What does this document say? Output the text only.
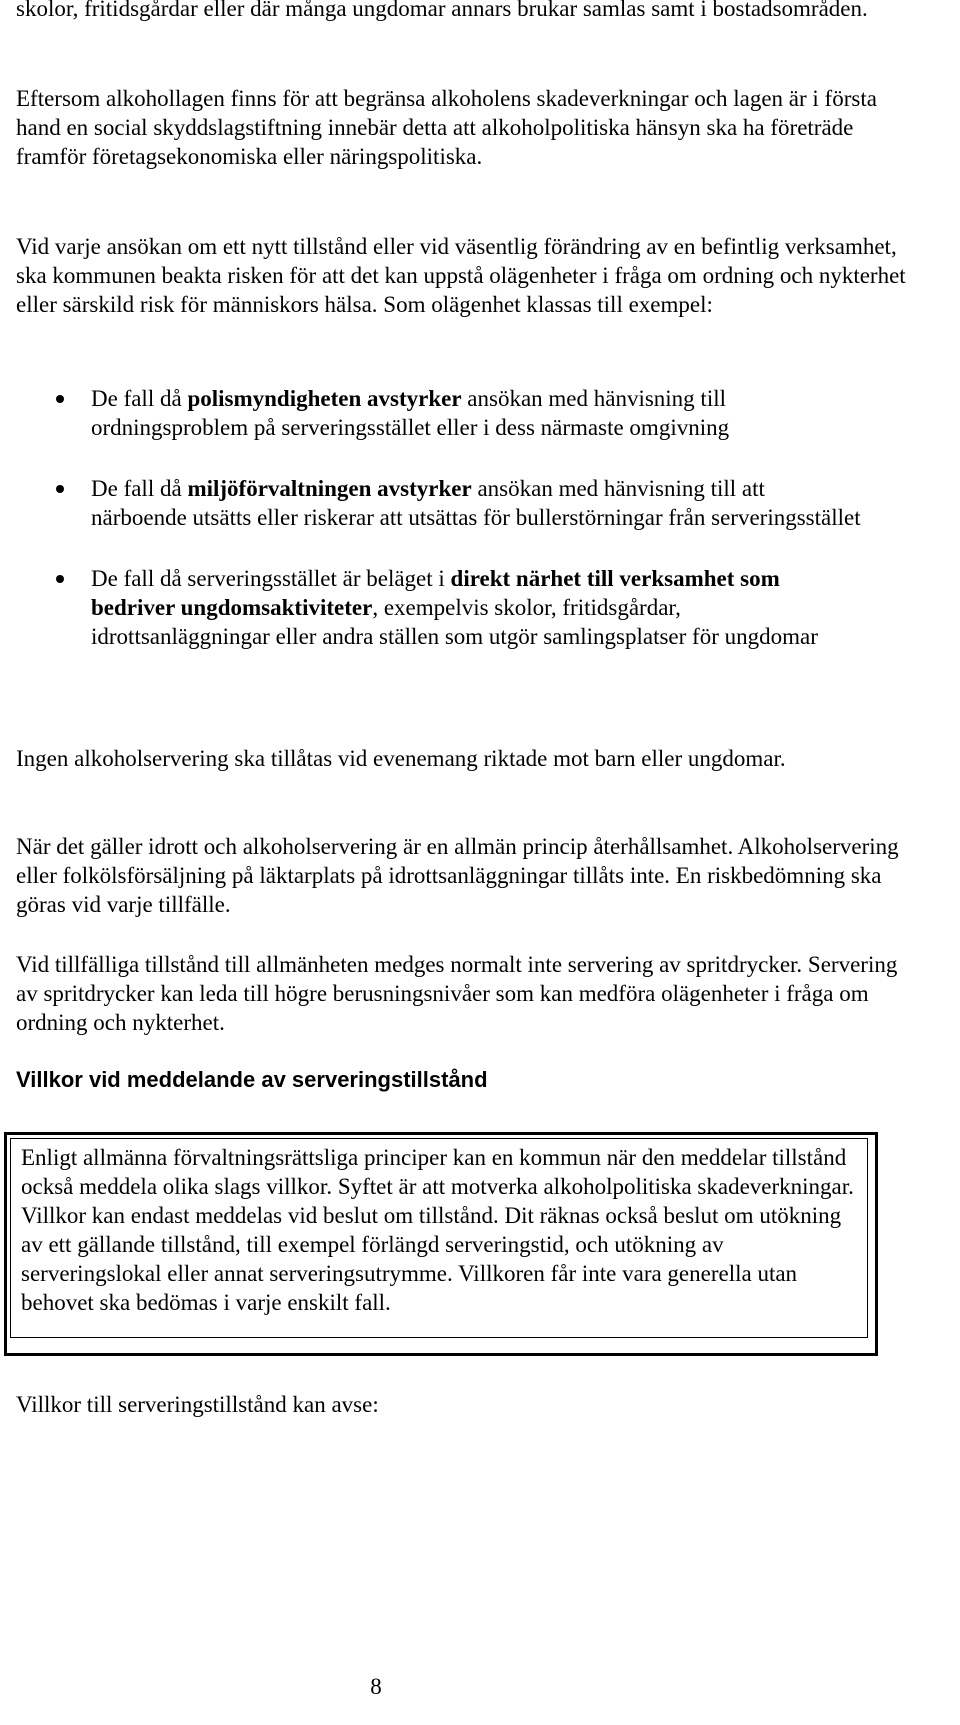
skolor, fritidsgårdar eller där många ungdomar annars brukar samlas samt i bostadsområden.

Eftersom alkohollagen finns för att begränsa alkoholens skadeverkningar och lagen är i första hand en social skyddslagstiftning innebär detta att alkoholpolitiska hänsyn ska ha företräde framför företagsekonomiska eller näringspolitiska.

Vid varje ansökan om ett nytt tillstånd eller vid väsentlig förändring av en befintlig verksamhet, ska kommunen beakta risken för att det kan uppstå olägenheter i fråga om ordning och nykterhet eller särskild risk för människors hälsa. Som olägenhet klassas till exempel:

De fall då polismyndigheten avstyrker ansökan med hänvisning till ordningsproblem på serveringsstället eller i dess närmaste omgivning
De fall då miljöförvaltningen avstyrker ansökan med hänvisning till att närboende utsätts eller riskerar att utsättas för bullerstörningar från serveringsstället
De fall då serveringsstället är beläget i direkt närhet till verksamhet som bedriver ungdomsaktiviteter, exempelvis skolor, fritidsgårdar, idrottsanläggningar eller andra ställen som utgör samlingsplatser för ungdomar

Ingen alkoholservering ska tillåtas vid evenemang riktade mot barn eller ungdomar.

När det gäller idrott och alkoholservering är en allmän princip återhållsamhet. Alkoholservering eller folkölsförsäljning på läktarplats på idrottsanläggningar tillåts inte. En riskbedömning ska göras vid varje tillfälle.

Vid tillfälliga tillstånd till allmänheten medges normalt inte servering av spritdrycker. Servering av spritdrycker kan leda till högre berusningsnivåer som kan medföra olägenheter i fråga om ordning och nykterhet.

Villkor vid meddelande av serveringstillstånd

Enligt allmänna förvaltningsrättsliga principer kan en kommun när den meddelar tillstånd också meddela olika slags villkor. Syftet är att motverka alkoholpolitiska skadeverkningar. Villkor kan endast meddelas vid beslut om tillstånd. Dit räknas också beslut om utökning av ett gällande tillstånd, till exempel förlängd serveringstid, och utökning av serveringslokal eller annat serveringsutrymme. Villkoren får inte vara generella utan behovet ska bedömas i varje enskilt fall.

Villkor till serveringstillstånd kan avse:

8
